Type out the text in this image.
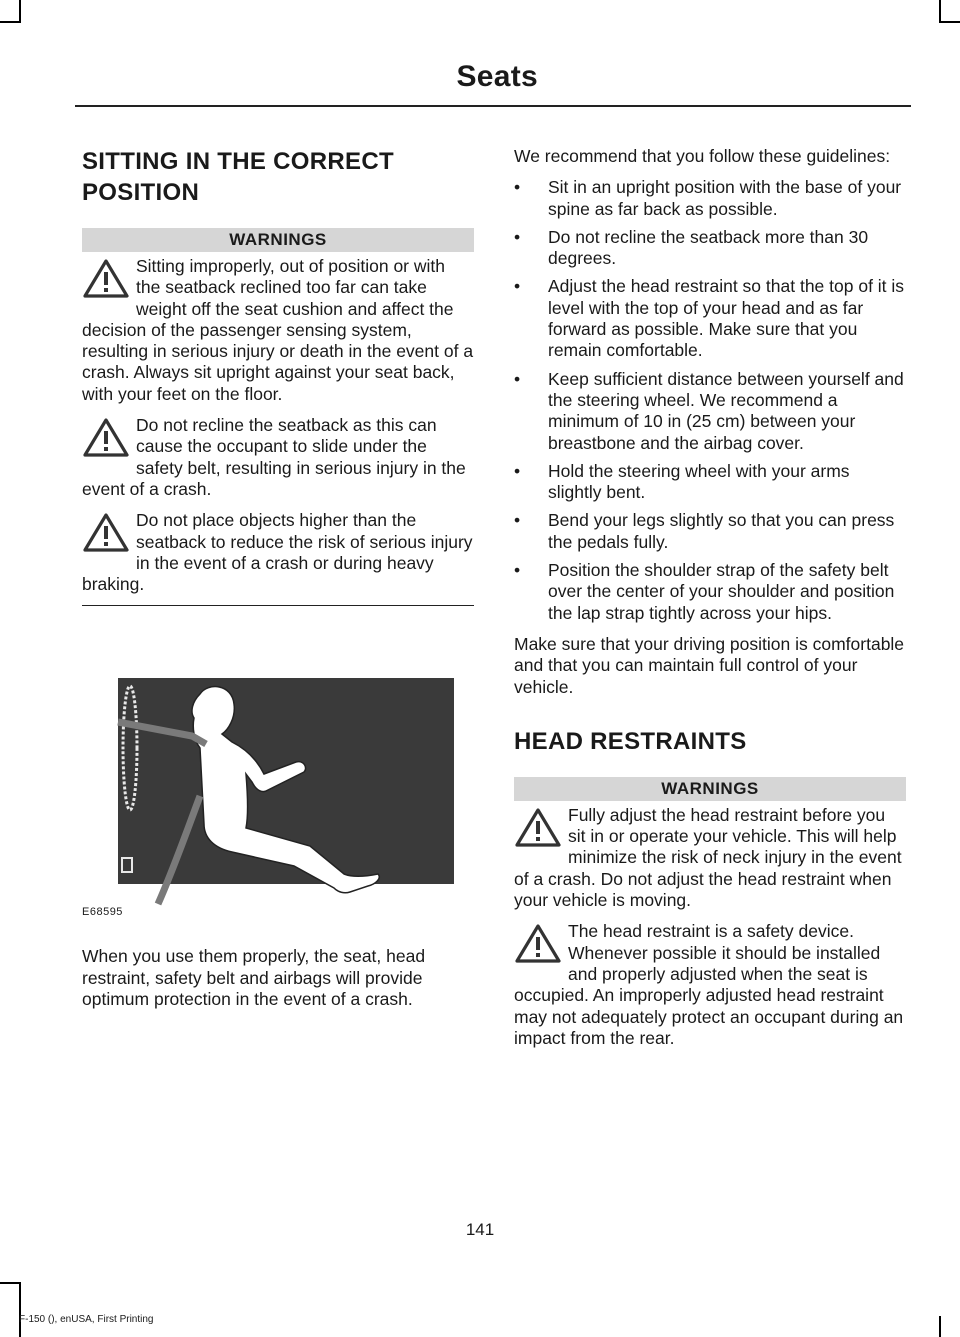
Seats
SITTING IN THE CORRECT POSITION
WARNINGS
Sitting improperly, out of position or with the seatback reclined too far can take weight off the seat cushion and affect the decision of the passenger sensing system, resulting in serious injury or death in the event of a crash. Always sit upright against your seat back, with your feet on the floor.
Do not recline the seatback as this can cause the occupant to slide under the safety belt, resulting in serious injury in the event of a crash.
Do not place objects higher than the seatback to reduce the risk of serious injury in the event of a crash or during heavy braking.
E68595

When you use them properly, the seat, head restraint, safety belt and airbags will provide optimum protection in the event of a crash.

We recommend that you follow these guidelines:

• Sit in an upright position with the base of your spine as far back as possible.
• Do not recline the seatback more than 30 degrees.
• Adjust the head restraint so that the top of it is level with the top of your head and as far forward as possible. Make sure that you remain comfortable.
• Keep sufficient distance between yourself and the steering wheel. We recommend a minimum of 10 in (25 cm) between your breastbone and the airbag cover.
• Hold the steering wheel with your arms slightly bent.
• Bend your legs slightly so that you can press the pedals fully.
• Position the shoulder strap of the safety belt over the center of your shoulder and position the lap strap tightly across your hips.

Make sure that your driving position is comfortable and that you can maintain full control of your vehicle.

HEAD RESTRAINTS
WARNINGS
Fully adjust the head restraint before you sit in or operate your vehicle. This will help minimize the risk of neck injury in the event of a crash. Do not adjust the head restraint when your vehicle is moving.
The head restraint is a safety device. Whenever possible it should be installed and properly adjusted when the seat is occupied. An improperly adjusted head restraint may not adequately protect an occupant during an impact from the rear.
141
F-150 (), enUSA, First Printing
